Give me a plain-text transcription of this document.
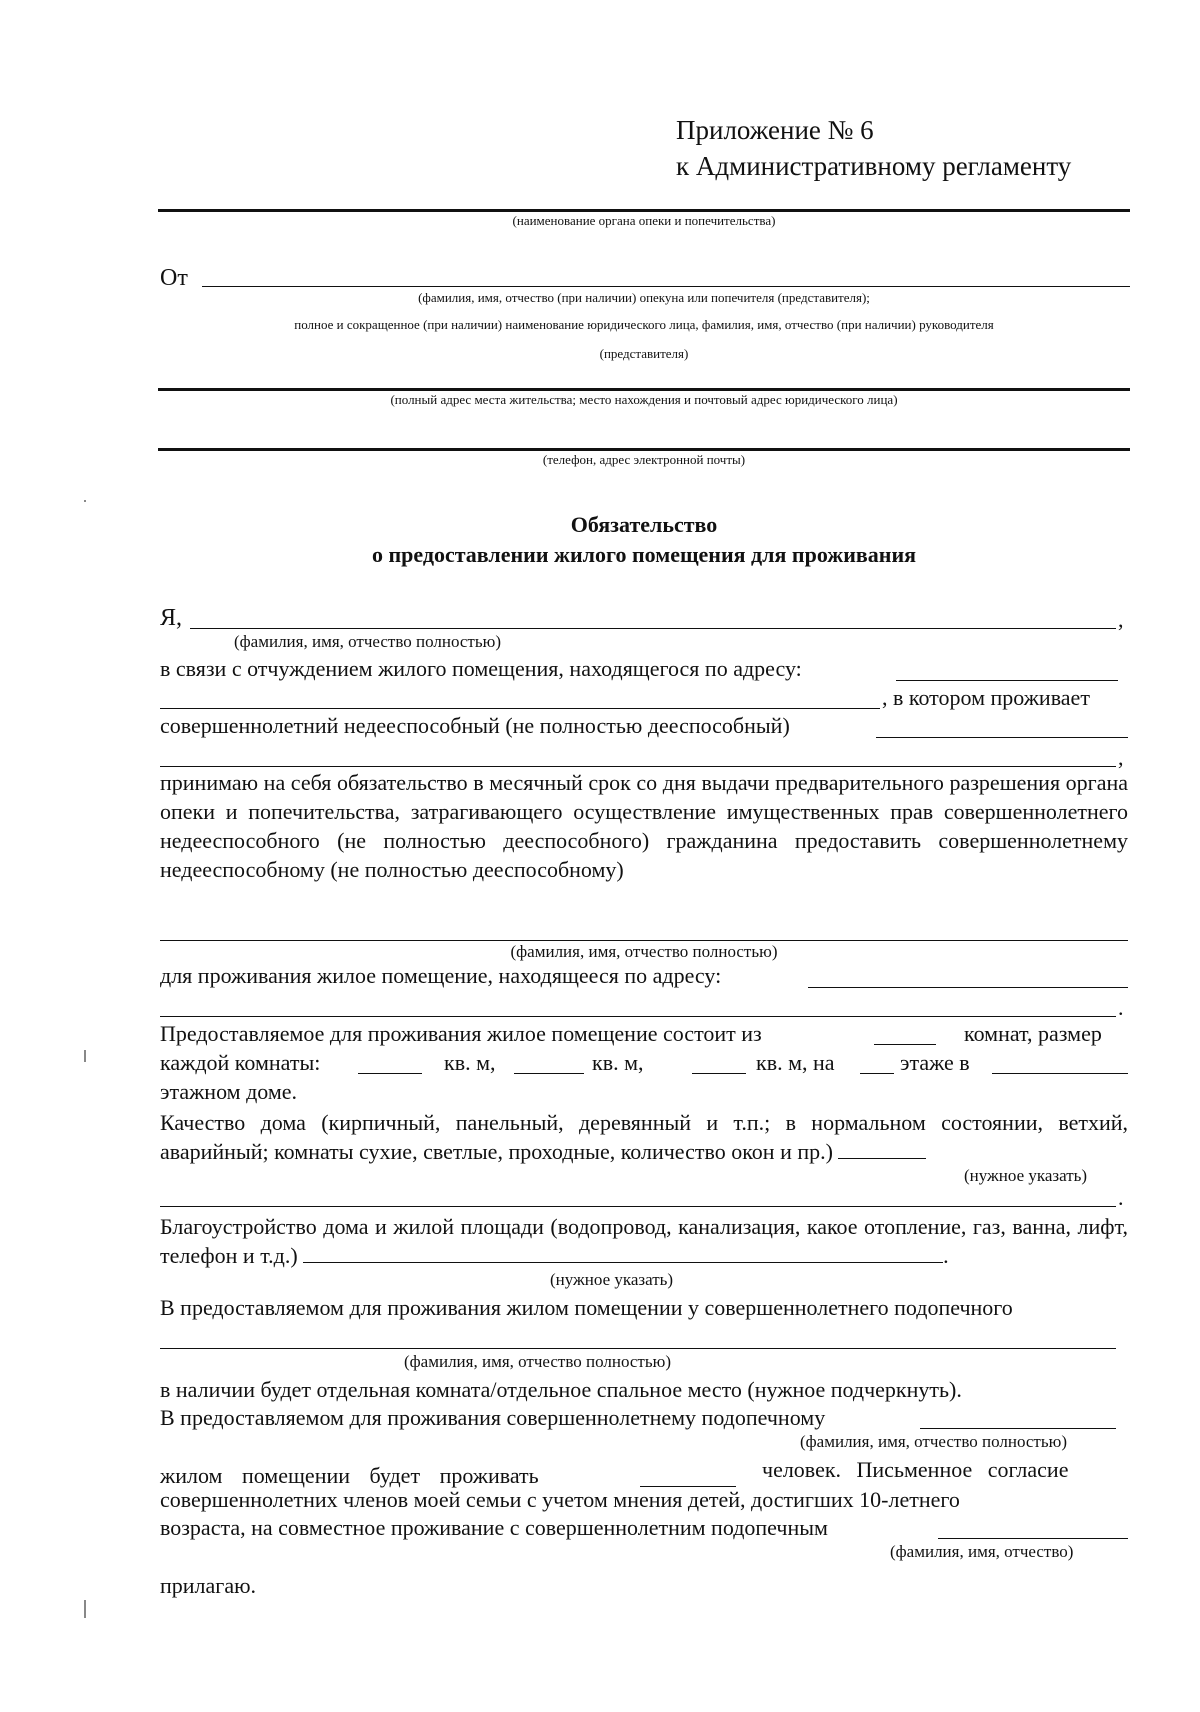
Приложение № 6
к Административному регламенту
(наименование органа опеки и попечительства)
От
(фамилия, имя, отчество (при наличии) опекуна или попечителя (представителя);
полное и сокращенное (при наличии) наименование юридического лица, фамилия, имя, отчество (при наличии) руководителя
(представителя)
(полный адрес места жительства; место нахождения и почтовый адрес юридического лица)
(телефон, адрес электронной почты)
Обязательство
о предоставлении жилого помещения для проживания
Я,	,
(фамилия, имя, отчество полностью)
в связи с отчуждением жилого помещения, находящегося по адресу:
, в котором проживает
совершеннолетний недееспособный (не полностью дееспособный)
,
принимаю на себя обязательство в месячный срок со дня выдачи предварительного разрешения органа опеки и попечительства, затрагивающего осуществление имущественных прав совершеннолетнего недееспособного (не полностью дееспособного) гражданина предоставить совершеннолетнему недееспособному (не полностью дееспособному)
(фамилия, имя, отчество полностью)
для проживания жилое помещение, находящееся по адресу:
.
Предоставляемое для проживания жилое помещение состоит из	комнат, размер
каждой комнаты:	кв. м,	кв. м,	кв. м, на	этаже в
этажном доме.
Качество дома (кирпичный, панельный, деревянный и т.п.; в нормальном состоянии, ветхий, аварийный; комнаты сухие, светлые, проходные, количество окон и пр.)
(нужное указать)
.
Благоустройство дома и жилой площади (водопровод, канализация, какое отопление, газ, ванна, лифт, телефон и т.д.)	.
(нужное указать)
В предоставляемом для проживания жилом помещении у совершеннолетнего подопечного
(фамилия, имя, отчество полностью)
в наличии будет отдельная комната/отдельное спальное место (нужное подчеркнуть).
В предоставляемом для проживания совершеннолетнему подопечному
(фамилия, имя, отчество полностью)
жилом помещении будет проживать	человек. Письменное согласие
совершеннолетних членов моей семьи с учетом мнения детей, достигших 10-летнего
возраста, на совместное проживание с совершеннолетним подопечным
(фамилия, имя, отчество)
прилагаю.
